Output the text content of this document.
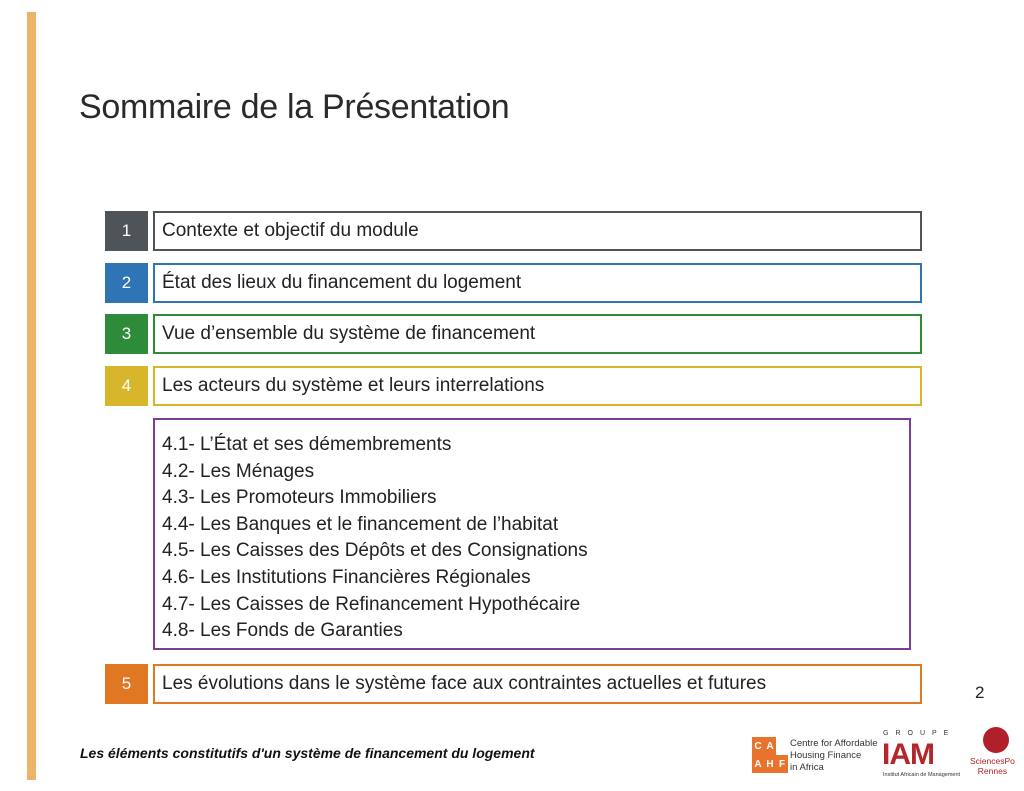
Sommaire de la Présentation
1	Contexte et objectif du module
2	État des lieux du financement du logement
3	Vue d’ensemble du système de financement
4	Les acteurs du système et leurs interrelations
4.1- L’État et ses démembrements
4.2- Les Ménages
4.3- Les Promoteurs Immobiliers
4.4- Les Banques et le financement de l’habitat
4.5- Les Caisses des Dépôts et des Consignations
4.6- Les Institutions Financières Régionales
4.7- Les Caisses de Refinancement Hypothécaire
4.8- Les Fonds de Garanties
5	Les évolutions dans le système face aux contraintes actuelles et futures	2
Les éléments constitutifs d'un système de financement du logement	C A
A H F
Centre for Affordable
Housing Finance
in Africa
GROUPE
IAM
Institut Africain de Management
SciencesPo
Rennes
